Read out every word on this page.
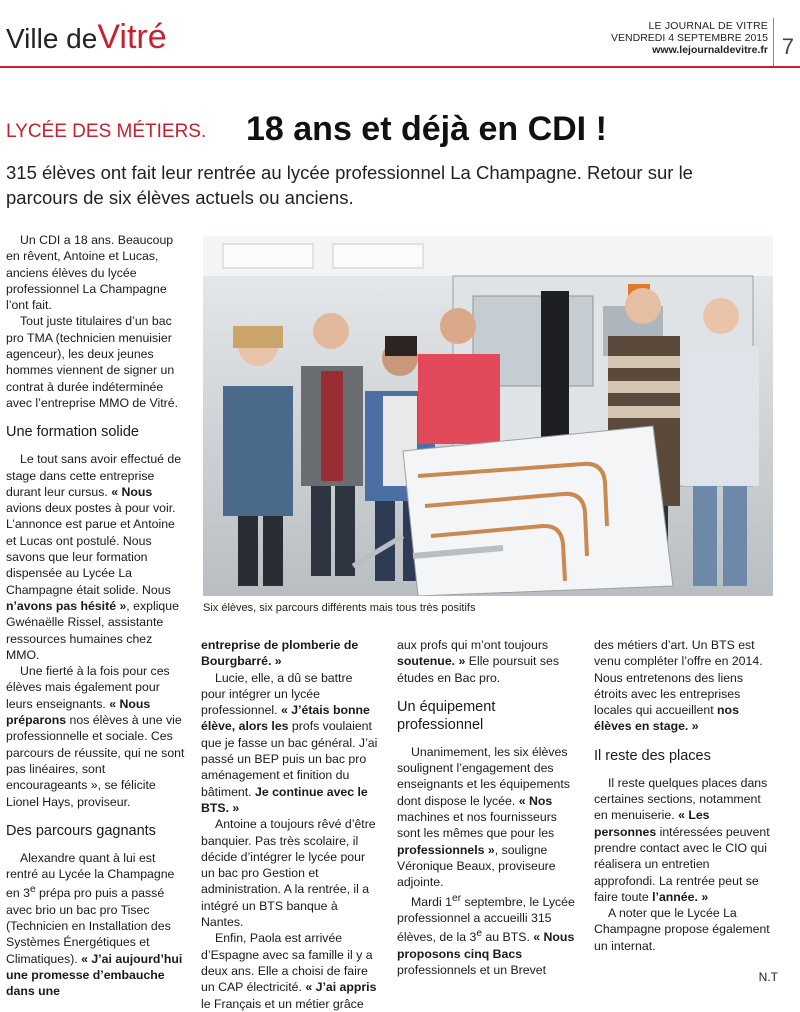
Ville deVitré	LE JOURNAL DE VITRE
VENDREDI 4 SEPTEMBRE 2015
www.lejournaldevitre.fr 7
LYCÉE DES MÉTIERS. 18 ans et déjà en CDI !
315 élèves ont fait leur rentrée au lycée professionnel La Champagne. Retour sur le parcours de six élèves actuels ou anciens.

Un CDI a 18 ans. Beaucoup en rêvent, Antoine et Lucas, anciens élèves du lycée professionnel La Champagne l’ont fait.

Tout juste titulaires d’un bac pro TMA (technicien menuisier agenceur), les deux jeunes hommes viennent de signer un contrat à durée indéterminée avec l’entreprise MMO de Vitré.

Une formation solide

Le tout sans avoir effectué de stage dans cette entreprise durant leur cursus. « Nous avions deux postes à pour voir. L’annonce est parue et Antoine et Lucas ont postulé. Nous savons que leur formation dispensée au Lycée La Champagne était solide. Nous n’avons pas hésité », explique Gwénaëlle Rissel, assistante ressources humaines chez MMO.

Une fierté à la fois pour ces élèves mais également pour leurs enseignants. « Nous préparons nos élèves à une vie professionnelle et sociale. Ces parcours de réussite, qui ne sont pas linéaires, sont encourageants », se félicite Lionel Hays, proviseur.

Des parcours gagnants

Alexandre quant à lui est rentré au Lycée la Champagne en 3e prépa pro puis a passé avec brio un bac pro Tisec (Technicien en Installation des Systèmes Énergétiques et Climatiques). « J’ai aujourd’hui une promesse d’embauche dans une

Six élèves, six parcours différents mais tous très positifs

entreprise de plomberie de Bourgbarré. »

Lucie, elle, a dû se battre pour intégrer un lycée professionnel. « J’étais bonne élève, alors les profs voulaient que je fasse un bac général. J’ai passé un BEP puis un bac pro aménagement et finition du bâtiment. Je continue avec le BTS. »

Antoine a toujours rêvé d’être banquier. Pas très scolaire, il décide d’intégrer le lycée pour un bac pro Gestion et administration. A la rentrée, il a intégré un BTS banque à Nantes.

Enfin, Paola est arrivée d’Espagne avec sa famille il y a deux ans. Elle a choisi de faire un CAP électricité. « J’ai appris le Français et un métier grâce

aux profs qui m’ont toujours soutenue. » Elle poursuit ses études en Bac pro.

Un équipement professionnel

Unanimement, les six élèves soulignent l’engagement des enseignants et les équipements dont dispose le lycée. « Nos machines et nos fournisseurs sont les mêmes que pour les professionnels », souligne Véronique Beaux, proviseure adjointe.

Mardi 1er septembre, le Lycée professionnel a accueilli 315 élèves, de la 3e au BTS. « Nous proposons cinq Bacs professionnels et un Brevet

des métiers d’art. Un BTS est venu compléter l’offre en 2014. Nous entretenons des liens étroits avec les entreprises locales qui accueillent nos élèves en stage. »

Il reste des places

Il reste quelques places dans certaines sections, notamment en menuiserie. « Les personnes intéressées peuvent prendre contact avec le CIO qui réalisera un entretien approfondi. La rentrée peut se faire toute l’année. »

A noter que le Lycée La Champagne propose également un internat.

N.T
